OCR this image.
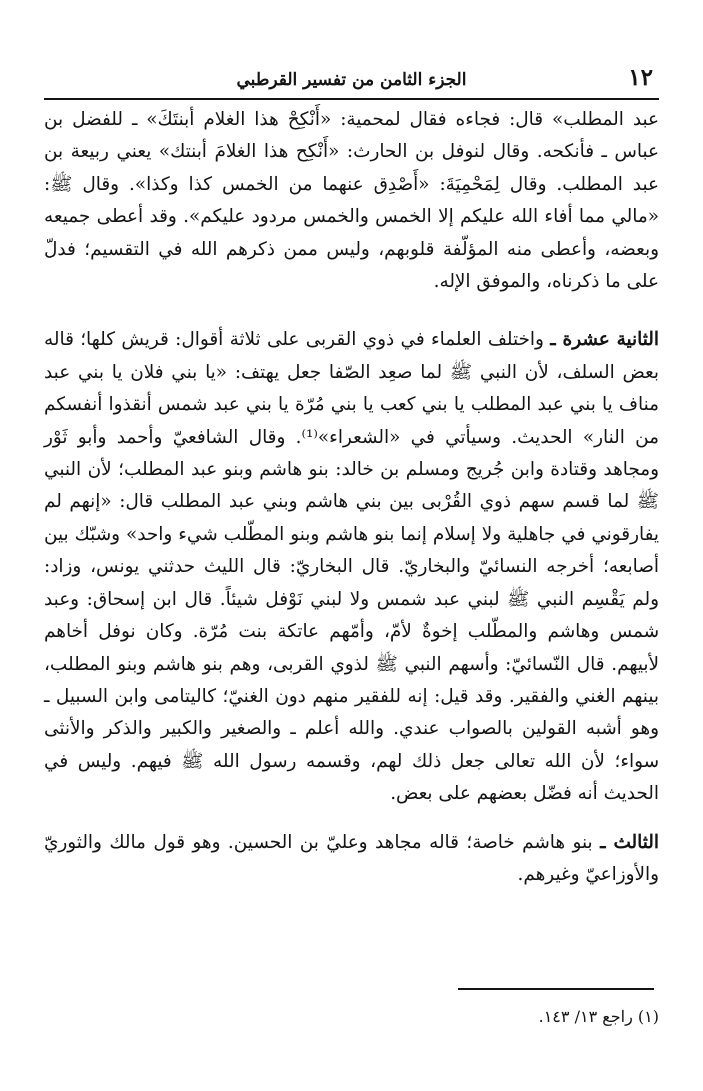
١٢
الجزء الثامن من تفسير القرطبي

عبد المطلب» قال: فجاءه فقال لمحمية: «أَنْكِحْ هذا الغلام أبنتَكَ» ـ للفضل بن عباس ـ فأنكحه. وقال لنوفل بن الحارث: «أَنْكِح هذا الغلامَ أبنتك» يعني ربيعة بن عبد المطلب. وقال لِمَحْمِيَةَ: «أَصْدِق عنهما من الخمس كذا وكذا». وقال ﷺ: «مالي مما أفاء الله عليكم إلا الخمس والخمس مردود عليكم». وقد أعطى جميعه وبعضه، وأعطى منه المؤلّفة قلوبهم، وليس ممن ذكرهم الله في التقسيم؛ فدلّ على ما ذكرناه، والموفق الإله.

الثانية عشرة ـ واختلف العلماء في ذوي القربى على ثلاثة أقوال: قريش كلها؛ قاله بعض السلف، لأن النبي ﷺ لما صعِد الصّفا جعل يهتف: «يا بني فلان يا بني عبد مناف يا بني عبد المطلب يا بني كعب يا بني مُرّة يا بني عبد شمس أنقذوا أنفسكم من النار» الحديث. وسيأتي في «الشعراء»⁽¹⁾. وقال الشافعيّ وأحمد وأبو ثَوْر ومجاهد وقتادة وابن جُريج ومسلم بن خالد: بنو هاشم وبنو عبد المطلب؛ لأن النبي ﷺ لما قسم سهم ذوي القُرْبى بين بني هاشم وبني عبد المطلب قال: «إنهم لم يفارقوني في جاهلية ولا إسلام إنما بنو هاشم وبنو المطّلب شيء واحد» وشبّك بين أصابعه؛ أخرجه النسائيّ والبخاريّ. قال البخاريّ: قال الليث حدثني يونس، وزاد: ولم يَقْسِم النبي ﷺ لبني عبد شمس ولا لبني نَوْفل شيئاً. قال ابن إسحاق: وعبد شمس وهاشم والمطّلب إخوةٌ لأمّ، وأمّهم عاتكة بنت مُرّة. وكان نوفل أخاهم لأبيهم. قال النّسائيّ: وأسهم النبي ﷺ لذوي القربى، وهم بنو هاشم وبنو المطلب، بينهم الغني والفقير. وقد قيل: إنه للفقير منهم دون الغنيّ؛ كاليتامى وابن السبيل ـ وهو أشبه القولين بالصواب عندي. والله أعلم ـ والصغير والكبير والذكر والأنثى سواء؛ لأن الله تعالى جعل ذلك لهم، وقسمه رسول الله ﷺ فيهم. وليس في الحديث أنه فضّل بعضهم على بعض.

الثالث ـ بنو هاشم خاصة؛ قاله مجاهد وعليّ بن الحسين. وهو قول مالك والثوريّ والأوزاعيّ وغيرهم.

(١) راجع ١٣/ ١٤٣.
